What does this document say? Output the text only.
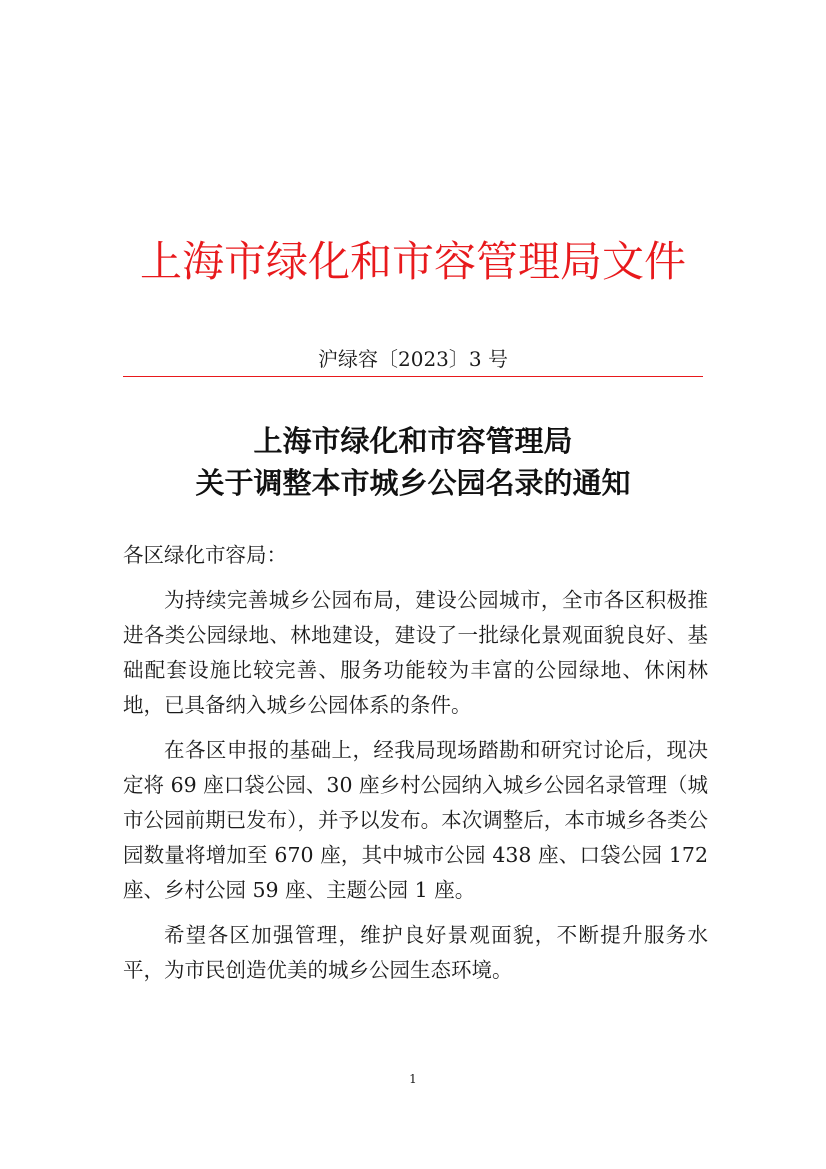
上海市绿化和市容管理局文件
沪绿容〔2023〕3 号
上海市绿化和市容管理局
关于调整本市城乡公园名录的通知

各区绿化市容局：

为持续完善城乡公园布局，建设公园城市，全市各区积极推进各类公园绿地、林地建设，建设了一批绿化景观面貌良好、基础配套设施比较完善、服务功能较为丰富的公园绿地、休闲林地，已具备纳入城乡公园体系的条件。

在各区申报的基础上，经我局现场踏勘和研究讨论后，现决定将 69 座口袋公园、30 座乡村公园纳入城乡公园名录管理（城市公园前期已发布），并予以发布。本次调整后，本市城乡各类公园数量将增加至 670 座，其中城市公园 438 座、口袋公园 172 座、乡村公园 59 座、主题公园 1 座。

希望各区加强管理，维护良好景观面貌，不断提升服务水平，为市民创造优美的城乡公园生态环境。

1
